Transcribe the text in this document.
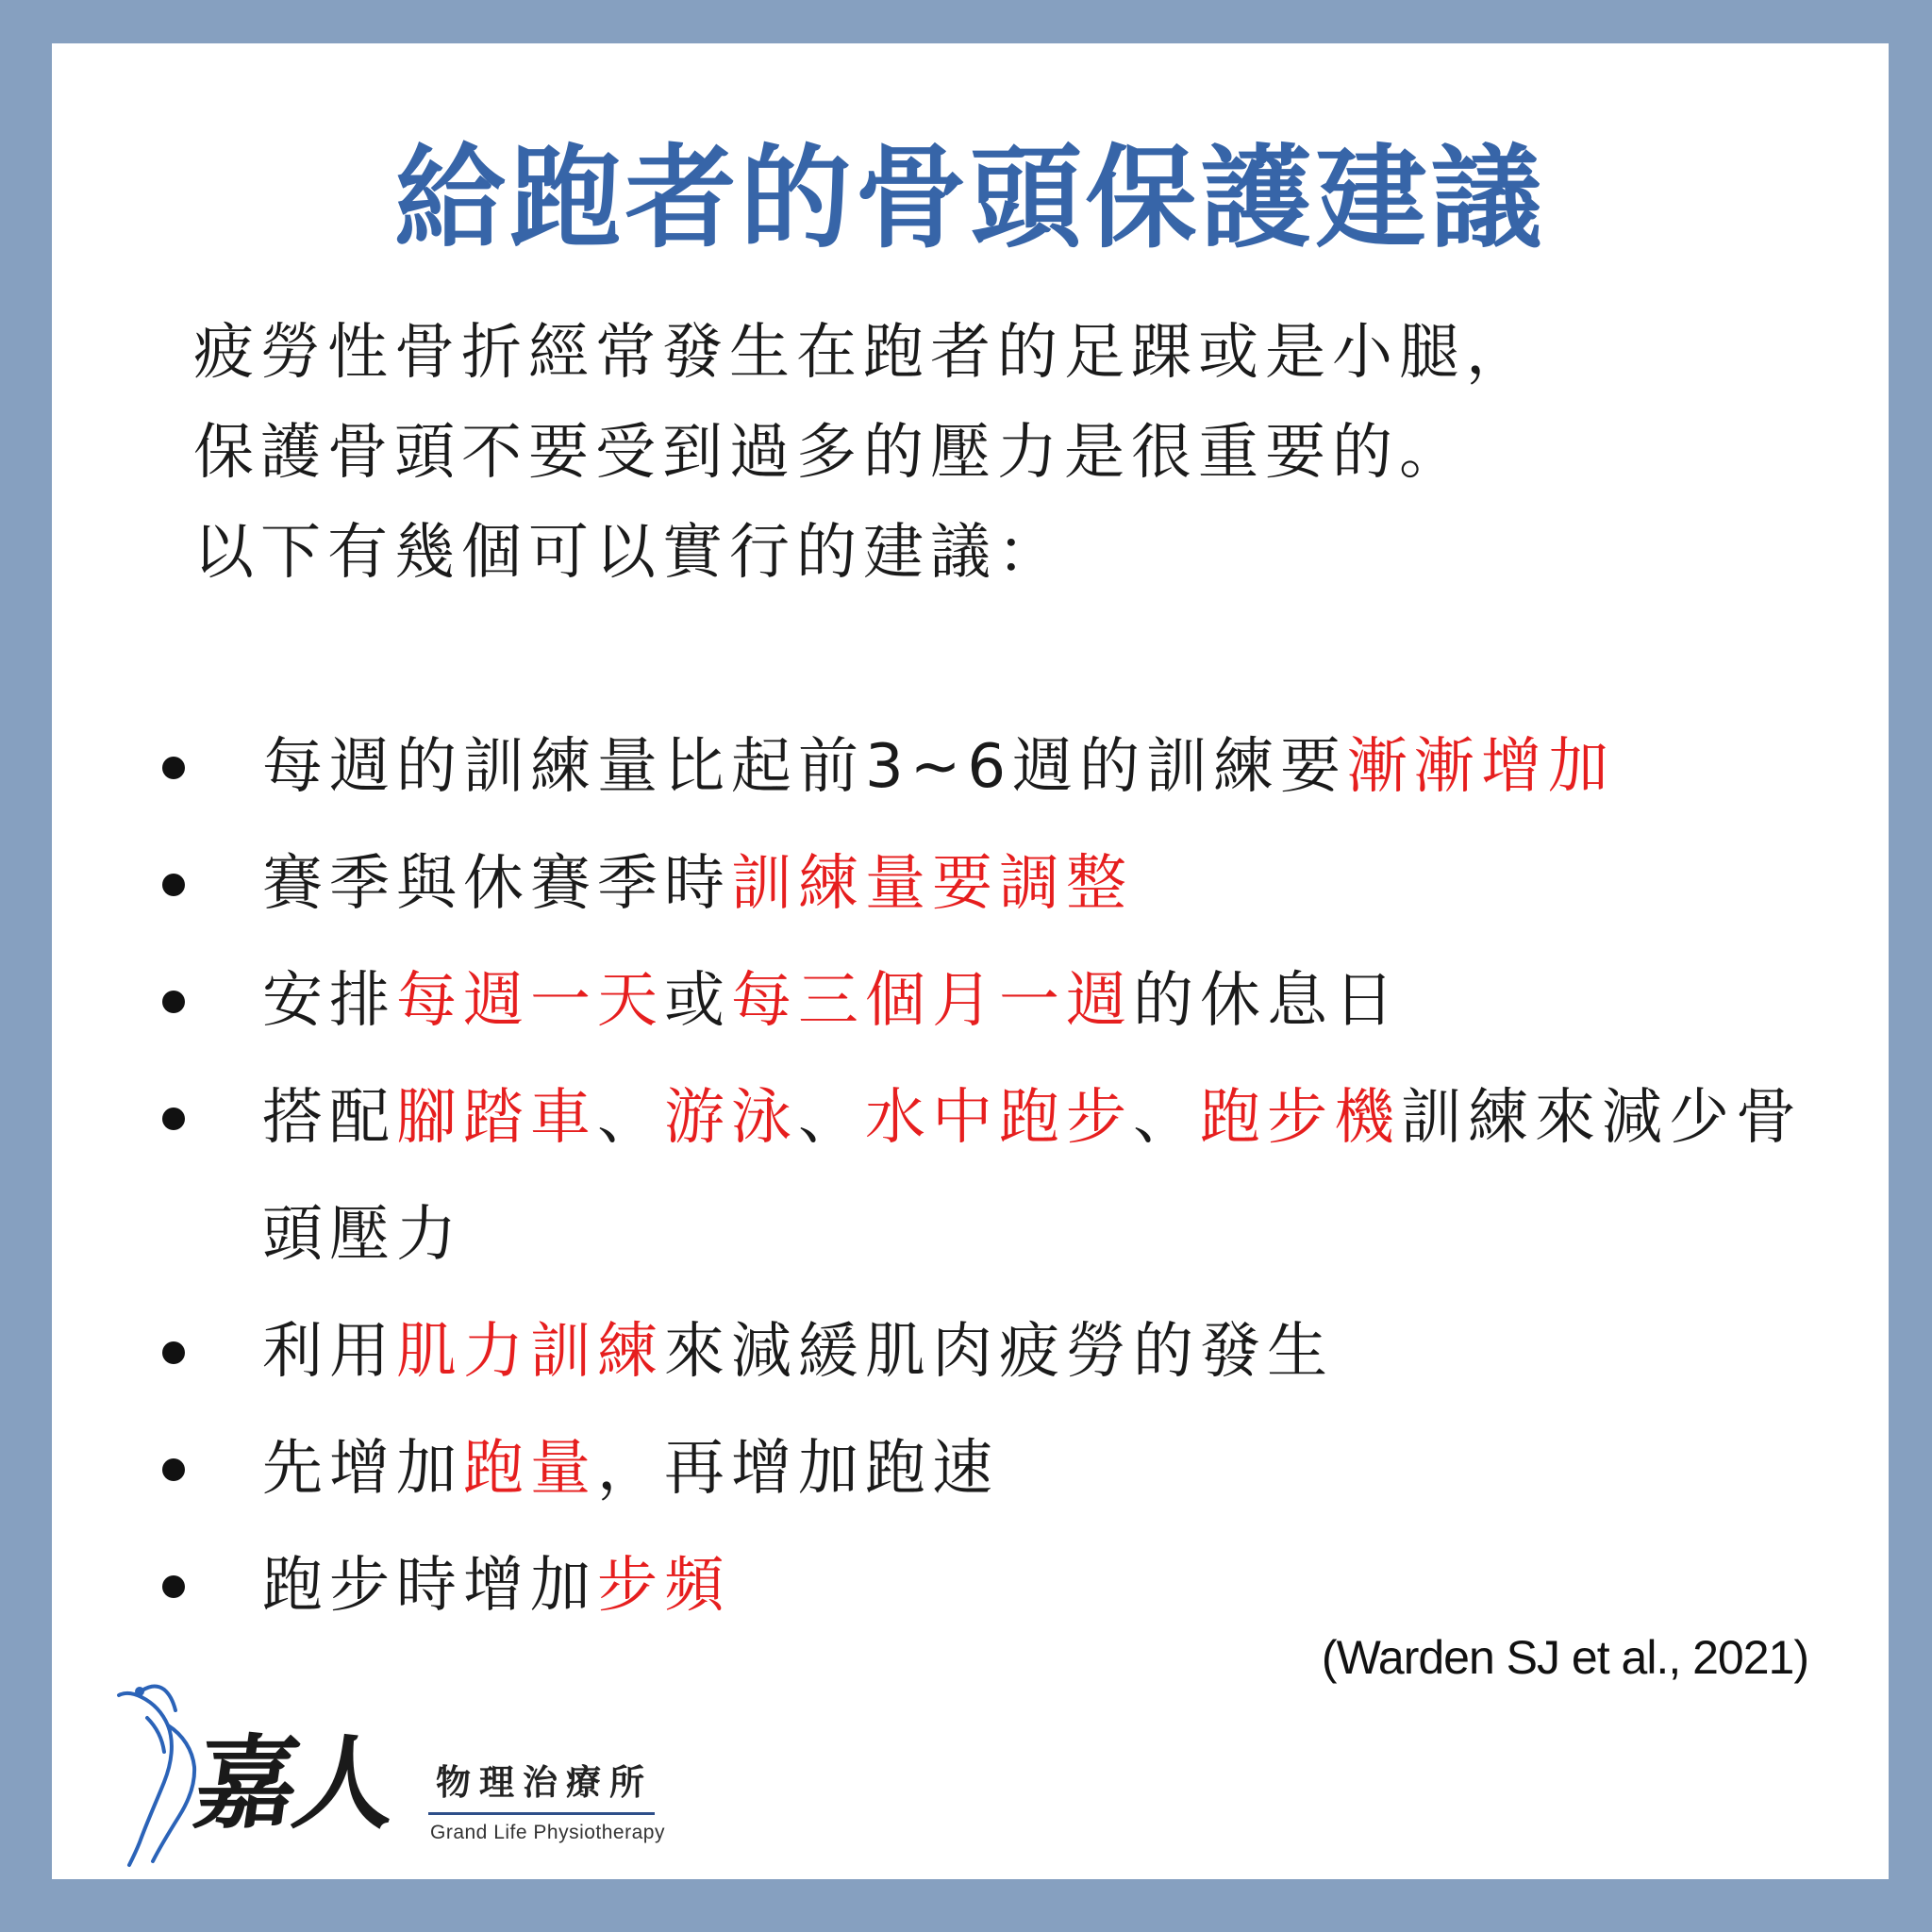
給跑者的骨頭保護建議
疲勞性骨折經常發生在跑者的足踝或是小腿，
保護骨頭不要受到過多的壓力是很重要的。
以下有幾個可以實行的建議：
每週的訓練量比起前3~6週的訓練要漸漸增加
賽季與休賽季時訓練量要調整
安排每週一天或每三個月一週的休息日
搭配腳踏車、游泳、水中跑步、跑步機訓練來減少骨頭壓力
利用肌力訓練來減緩肌肉疲勞的發生
先增加跑量，再增加跑速
跑步時增加步頻
(Warden SJ et al., 2021)
嘉人 物理治療所
Grand Life Physiotherapy
